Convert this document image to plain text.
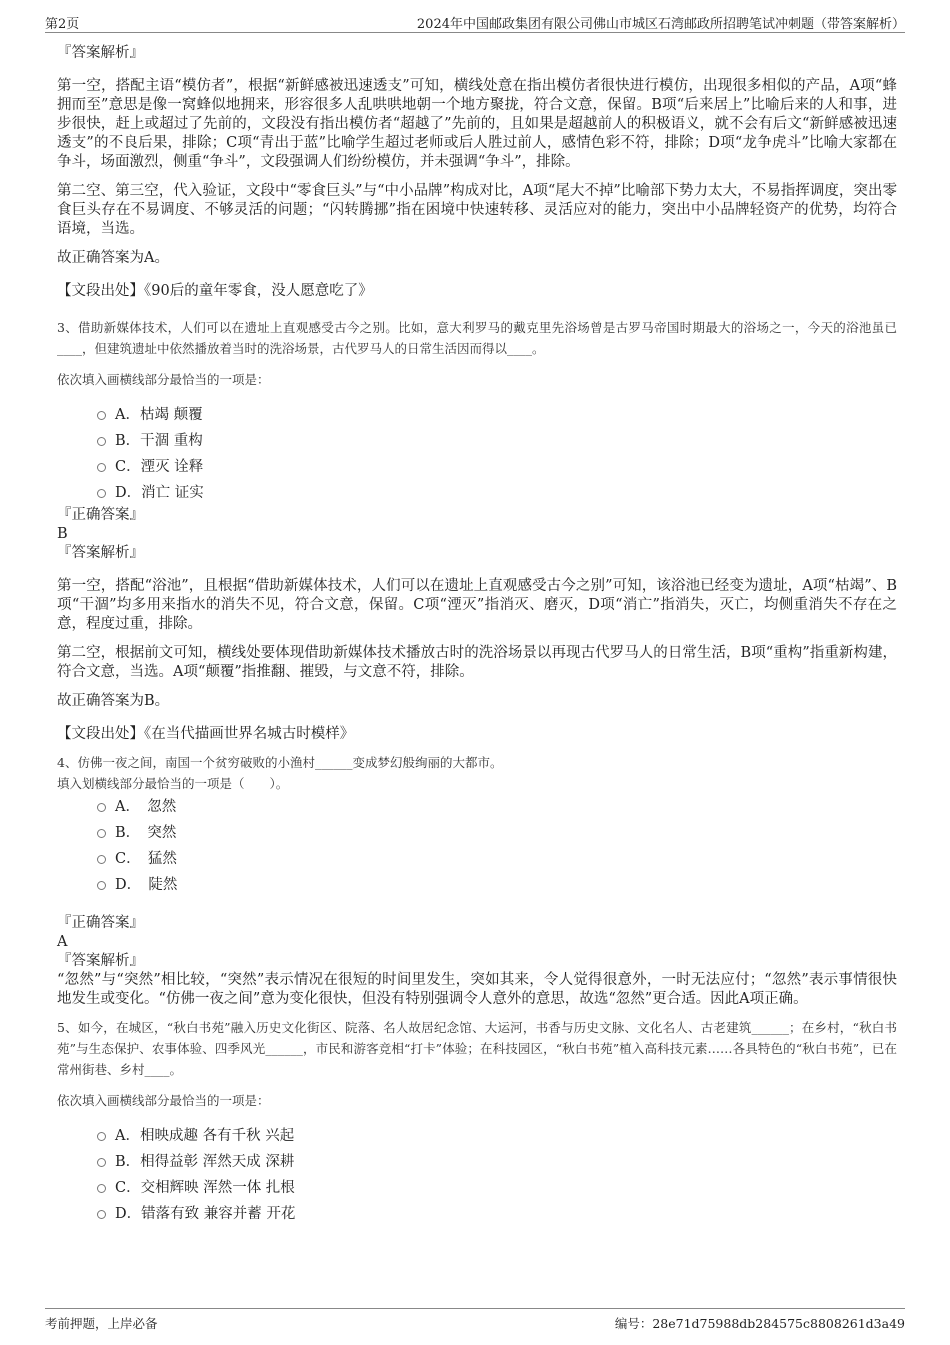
第2页	2024年中国邮政集团有限公司佛山市城区石湾邮政所招聘笔试冲刺题（带答案解析）

『答案解析』

第一空，搭配主语“模仿者”，根据“新鲜感被迅速透支”可知，横线处意在指出模仿者很快进行模仿，出现很多相似的产品，A项“蜂拥而至”意思是像一窝蜂似地拥来，形容很多人乱哄哄地朝一个地方聚拢，符合文意，保留。B项“后来居上”比喻后来的人和事，进步很快，赶上或超过了先前的，文段没有指出模仿者“超越了”先前的，且如果是超越前人的积极语义，就不会有后文“新鲜感被迅速透支”的不良后果，排除；C项“青出于蓝”比喻学生超过老师或后人胜过前人，感情色彩不符，排除；D项“龙争虎斗”比喻大家都在争斗，场面激烈，侧重“争斗”，文段强调人们纷纷模仿，并未强调“争斗”，排除。

第二空、第三空，代入验证，文段中“零食巨头”与“中小品牌”构成对比，A项“尾大不掉”比喻部下势力太大，不易指挥调度，突出零食巨头存在不易调度、不够灵活的问题；“闪转腾挪”指在困境中快速转移、灵活应对的能力，突出中小品牌轻资产的优势，均符合语境，当选。

故正确答案为A。

【文段出处】《90后的童年零食，没人愿意吃了》

3、借助新媒体技术，人们可以在遗址上直观感受古今之别。比如，意大利罗马的戴克里先浴场曾是古罗马帝国时期最大的浴场之一，今天的浴池虽已____，但建筑遗址中依然播放着当时的洗浴场景，古代罗马人的日常生活因而得以____。

依次填入画横线部分最恰当的一项是：

A．枯竭 颠覆
B．干涸 重构
C．湮灭 诠释
D．消亡 证实

『正确答案』

B

『答案解析』

第一空，搭配“浴池”，且根据“借助新媒体技术，人们可以在遗址上直观感受古今之别”可知，该浴池已经变为遗址，A项“枯竭”、B项“干涸”均多用来指水的消失不见，符合文意，保留。C项“湮灭”指消灭、磨灭，D项“消亡”指消失，灭亡，均侧重消失不存在之意，程度过重，排除。

第二空，根据前文可知，横线处要体现借助新媒体技术播放古时的洗浴场景以再现古代罗马人的日常生活，B项“重构”指重新构建，符合文意，当选。A项“颠覆”指推翻、摧毁，与文意不符，排除。

故正确答案为B。

【文段出处】《在当代描画世界名城古时模样》

4、仿佛一夜之间，南国一个贫穷破败的小渔村______变成梦幻般绚丽的大都市。

填入划横线部分最恰当的一项是（　　）。

A．　忽然
B．　突然
C．　猛然
D．　陡然

『正确答案』

A

『答案解析』

“忽然”与“突然”相比较，“突然”表示情况在很短的时间里发生，突如其来，令人觉得很意外，一时无法应付；“忽然”表示事情很快地发生或变化。“仿佛一夜之间”意为变化很快，但没有特别强调令人意外的意思，故选“忽然”更合适。因此A项正确。

5、如今，在城区，“秋白书苑”融入历史文化街区、院落、名人故居纪念馆、大运河，书香与历史文脉、文化名人、古老建筑______；在乡村，“秋白书苑”与生态保护、农事体验、四季风光______，市民和游客竞相“打卡”体验；在科技园区，“秋白书苑”植入高科技元素……各具特色的“秋白书苑”，已在常州街巷、乡村____。

依次填入画横线部分最恰当的一项是：

A．相映成趣 各有千秋 兴起
B．相得益彰 浑然天成 深耕
C．交相辉映 浑然一体 扎根
D．错落有致 兼容并蓄 开花
考前押题，上岸必备	编号：28e71d75988db284575c8808261d3a49
